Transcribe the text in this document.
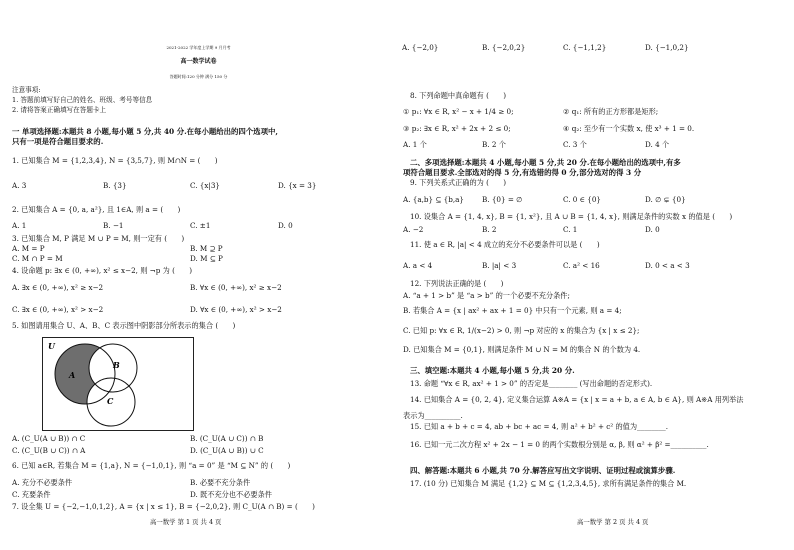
2021-2022 学年度上学期 9 月月考
高一数学试卷
答题时间:120 分钟 满分 150 分
注意事项:
1. 答题前填写好自己的姓名、班级、考号等信息
2. 请将答案正确填写在答题卡上
一 单项选择题:本题共 8 小题,每小题 5 分,共 40 分.在每小题给出的四个选项中,
只有一项是符合题目要求的.
1. 已知集合 M = {1,2,3,4}, N = {3,5,7}, 则 M∩N = (　　)
A. 3	B. {3}	C. {x|3}	D. {x = 3}
2. 已知集合 A = {0, a, a²}, 且 1∈A, 则 a = (　　)
A. 1	B. −1	C. ±1	D. 0
3. 已知集合 M, P 满足 M ∪ P = M, 则一定有 (　　)
A. M = P	B. M ⊇ P
C. M ∩ P = M	D. M ⊆ P
4. 设命题 p: ∃x ∈ (0, +∞), x² ≤ x−2, 则 ¬p 为 (　　)
A. ∃x ∈ (0, +∞), x² ≥ x−2	B. ∀x ∈ (0, +∞), x² ≥ x−2
C. ∃x ∈ (0, +∞), x² > x−2	D. ∀x ∈ (0, +∞), x² > x−2
5. 如图请用集合 U、A、B、C 表示图中阴影部分所表示的集合 (　　)
U
A
B
C
A. (C_U(A ∪ B)) ∩ C	B. (C_U(A ∪ C)) ∩ B
C. (C_U(B ∪ C)) ∩ A	D. (C_U(A ∪ B)) ∪ C
6. 已知 a∈R, 若集合 M = {1,a}, N = {−1,0,1}, 则 “a = 0” 是 “M ⊆ N” 的 (　　)
A. 充分不必要条件	B. 必要不充分条件
C. 充要条件	D. 既不充分也不必要条件
7. 设全集 U = {−2,−1,0,1,2}, A = {x | x ≤ 1}, B = {−2,0,2}, 则 C_U(A ∩ B) = (　　)
高一数学 第 1 页 共 4 页
A. {−2,0}	B. {−2,0,2}	C. {−1,1,2}	D. {−1,0,2}
8. 下列命题中真命题有 (　　)
① p₁: ∀x ∈ R, x² − x + 1/4 ≥ 0;	② q₁: 所有的正方形都是矩形;
③ p₂: ∃x ∈ R, x² + 2x + 2 ≤ 0;	④ q₂: 至少有一个实数 x, 使 x³ + 1 = 0.
A. 1 个	B. 2 个	C. 3 个	D. 4 个
二、多项选择题:本题共 4 小题,每小题 5 分,共 20 分.在每小题给出的选项中,有多
项符合题目要求.全部选对的得 5 分,有选错的得 0 分,部分选对的得 3 分
9. 下列关系式正确的为 (　　)
A. {a,b} ⊆ {b,a}	B. {0} = ∅	C. 0 ∈ {0}	D. ∅ ⊊ {0}
10. 设集合 A = {1, 4, x}, B = {1, x²}, 且 A ∪ B = {1, 4, x}, 则满足条件的实数 x 的值是 (　　)
A. −2	B. 2	C. 1	D. 0
11. 使 a ∈ R, |a| < 4 成立的充分不必要条件可以是 (　　)
A. a < 4	B. |a| < 3	C. a² < 16	D. 0 < a < 3
12. 下列说法正确的是 (　　)
A. “a + 1 > b” 是 “a > b” 的一个必要不充分条件;
B. 若集合 A = {x | ax² + ax + 1 = 0} 中只有一个元素, 则 a = 4;
C. 已知 p: ∀x ∈ R, 1/(x−2) > 0, 则 ¬p 对应的 x 的集合为 {x | x ≤ 2};
D. 已知集合 M = {0,1}, 则满足条件 M ∪ N = M 的集合 N 的个数为 4.
三、填空题:本题共 4 小题,每小题 5 分,共 20 分.
13. 命题 “∀x ∈ R, ax² + 1 > 0” 的否定是________ (写出命题的否定形式).
14. 已知集合 A = {0, 2, 4}, 定义集合运算 A※A = {x | x = a + b, a ∈ A, b ∈ A}, 则 A※A 用列举法
表示为__________.
15. 已知 a + b + c = 4, ab + bc + ac = 4, 则 a² + b² + c² 的值为________.
16. 已知一元二次方程 x² + 2x − 1 = 0 的两个实数根分别是 α, β, 则 α² + β² =__________.
四、解答题:本题共 6 小题,共 70 分.解答应写出文字说明、证明过程或演算步骤.
17. (10 分) 已知集合 M 满足 {1,2} ⊆ M ⊆ {1,2,3,4,5}, 求所有满足条件的集合 M.
高一数学 第 2 页 共 4 页
